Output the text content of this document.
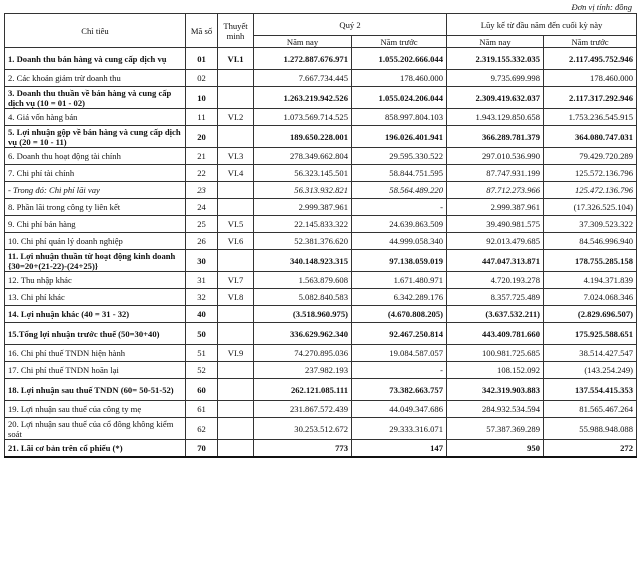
Đơn vị tính: đồng
Chỉ tiêu	Mã số	Thuyết minh	Quý 2		Lũy kế từ đầu năm đến cuối kỳ này	
			Năm nay	Năm trước	Năm nay	Năm trước
1. Doanh thu bán hàng và cung cấp dịch vụ	01	VI.1	1.272.887.676.971	1.055.202.666.044	2.319.155.332.035	2.117.495.752.946
2. Các khoản giảm trừ doanh thu	02		7.667.734.445	178.460.000	9.735.699.998	178.460.000
3. Doanh thu thuần về bán hàng và cung cấp dịch vụ (10 = 01 - 02)	10		1.263.219.942.526	1.055.024.206.044	2.309.419.632.037	2.117.317.292.946
4. Giá vốn hàng bán	11	VI.2	1.073.569.714.525	858.997.804.103	1.943.129.850.658	1.753.236.545.915
5. Lợi nhuận gộp về bán hàng và cung cấp dịch vụ (20 = 10 - 11)	20		189.650.228.001	196.026.401.941	366.289.781.379	364.080.747.031
6. Doanh thu hoạt động tài chính	21	VI.3	278.349.662.804	29.595.330.522	297.010.536.990	79.429.720.289
7. Chi phí tài chính	22	VI.4	56.323.145.501	58.844.751.595	87.747.931.199	125.572.136.796
- Trong đó: Chi phí lãi vay	23		56.313.932.821	58.564.489.220	87.712.273.966	125.472.136.796
8. Phần lãi trong công ty liên kết	24		2.999.387.961	-	2.999.387.961	(17.326.525.104)
9. Chi phí bán hàng	25	VI.5	22.145.833.322	24.639.863.509	39.490.981.575	37.309.523.322
10. Chi phí quản lý doanh nghiệp	26	VI.6	52.381.376.620	44.999.058.340	92.013.479.685	84.546.996.940
11. Lợi nhuận thuần từ hoạt động kinh doanh {30=20+(21-22)-(24+25)}	30		340.148.923.315	97.138.059.019	447.047.313.871	178.755.285.158
12. Thu nhập khác	31	VI.7	1.563.879.608	1.671.480.971	4.720.193.278	4.194.371.839
13. Chi phí khác	32	VI.8	5.082.840.583	6.342.289.176	8.357.725.489	7.024.068.346
14. Lợi nhuận khác (40 = 31 - 32)	40		(3.518.960.975)	(4.670.808.205)	(3.637.532.211)	(2.829.696.507)
15.Tổng lợi nhuận trước thuế (50=30+40)	50		336.629.962.340	92.467.250.814	443.409.781.660	175.925.588.651
16. Chi phí thuế TNDN hiện hành	51	VI.9	74.270.895.036	19.084.587.057	100.981.725.685	38.514.427.547
17. Chi phí thuế TNDN hoãn lại	52		237.982.193	-	108.152.092	(143.254.249)
18. Lợi nhuận sau thuế TNDN (60= 50-51-52)	60		262.121.085.111	73.382.663.757	342.319.903.883	137.554.415.353
19. Lợi nhuận sau thuế của công ty mẹ	61		231.867.572.439	44.049.347.686	284.932.534.594	81.565.467.264
20. Lợi nhuận sau thuế của cổ đông không kiểm soát	62		30.253.512.672	29.333.316.071	57.387.369.289	55.988.948.088
21. Lãi cơ bản trên cổ phiếu (*)	70		773	147	950	272
